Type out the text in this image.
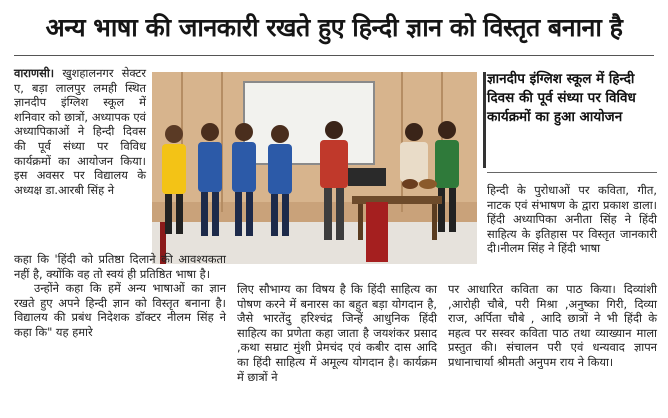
अन्य भाषा की जानकारी रखते हुए हिन्दी ज्ञान को विस्तृत बनाना है

वाराणसी। खुशहालनगर सेक्टर ए, बड़ा लालपुर लमही स्थित ज्ञानदीप इंग्लिश स्कूल में शनिवार को छात्रों, अध्यापक एवं अध्यापिकाओं ने हिन्दी दिवस की पूर्व संध्या पर विविध कार्यक्रमों का आयोजन किया। इस अवसर पर विद्यालय के अध्यक्ष डा.आरबी सिंह ने

ज्ञानदीप इंग्लिश स्कूल में हिन्दी दिवस की पूर्व संध्या पर विविध कार्यक्रमों का हुआ आयोजन

कहा कि 'हिंदी को प्रतिष्ठा दिलाने की आवश्यकता नहीं है, क्योंकि वह तो स्वयं ही प्रतिष्ठित भाषा है।

उन्होंने कहा कि हमें अन्य भाषाओं का ज्ञान रखते हुए अपने हिन्दी ज्ञान को विस्तृत बनाना है। विद्यालय की प्रबंध निदेशक डॉक्टर नीलम सिंह ने कहा कि" यह हमारे

लिए सौभाग्य का विषय है कि हिंदी साहित्य का पोषण करने में बनारस का बहुत बड़ा योगदान है, जैसे भारतेंदु हरिश्चंद्र जिन्हें आधुनिक हिंदी साहित्य का प्रणेता कहा जाता है जयशंकर प्रसाद ,कथा सम्राट मुंशी प्रेमचंद एवं कबीर दास आदि का हिंदी साहित्य में अमूल्य योगदान है। कार्यक्रम में छात्रों ने

हिन्दी के पुरोधाओं पर कविता, गीत, नाटक एवं संभाषण के द्वारा प्रकाश डाला। हिंदी अध्यापिका अनीता सिंह ने हिंदी साहित्य के इतिहास पर विस्तृत जानकारी दी।नीलम सिंह ने हिंदी भाषा

पर आधारित कविता का पाठ किया। दिव्यांशी ,आरोही चौबे, परी मिश्रा ,अनुष्का गिरी, दिव्या राज, अर्पिता चौबे , आदि छात्रों ने भी हिंदी के महत्व पर सस्वर कविता पाठ तथा व्याख्यान माला प्रस्तुत की। संचालन परी एवं धन्यवाद ज्ञापन प्रधानाचार्या श्रीमती अनुपम राय ने किया।
